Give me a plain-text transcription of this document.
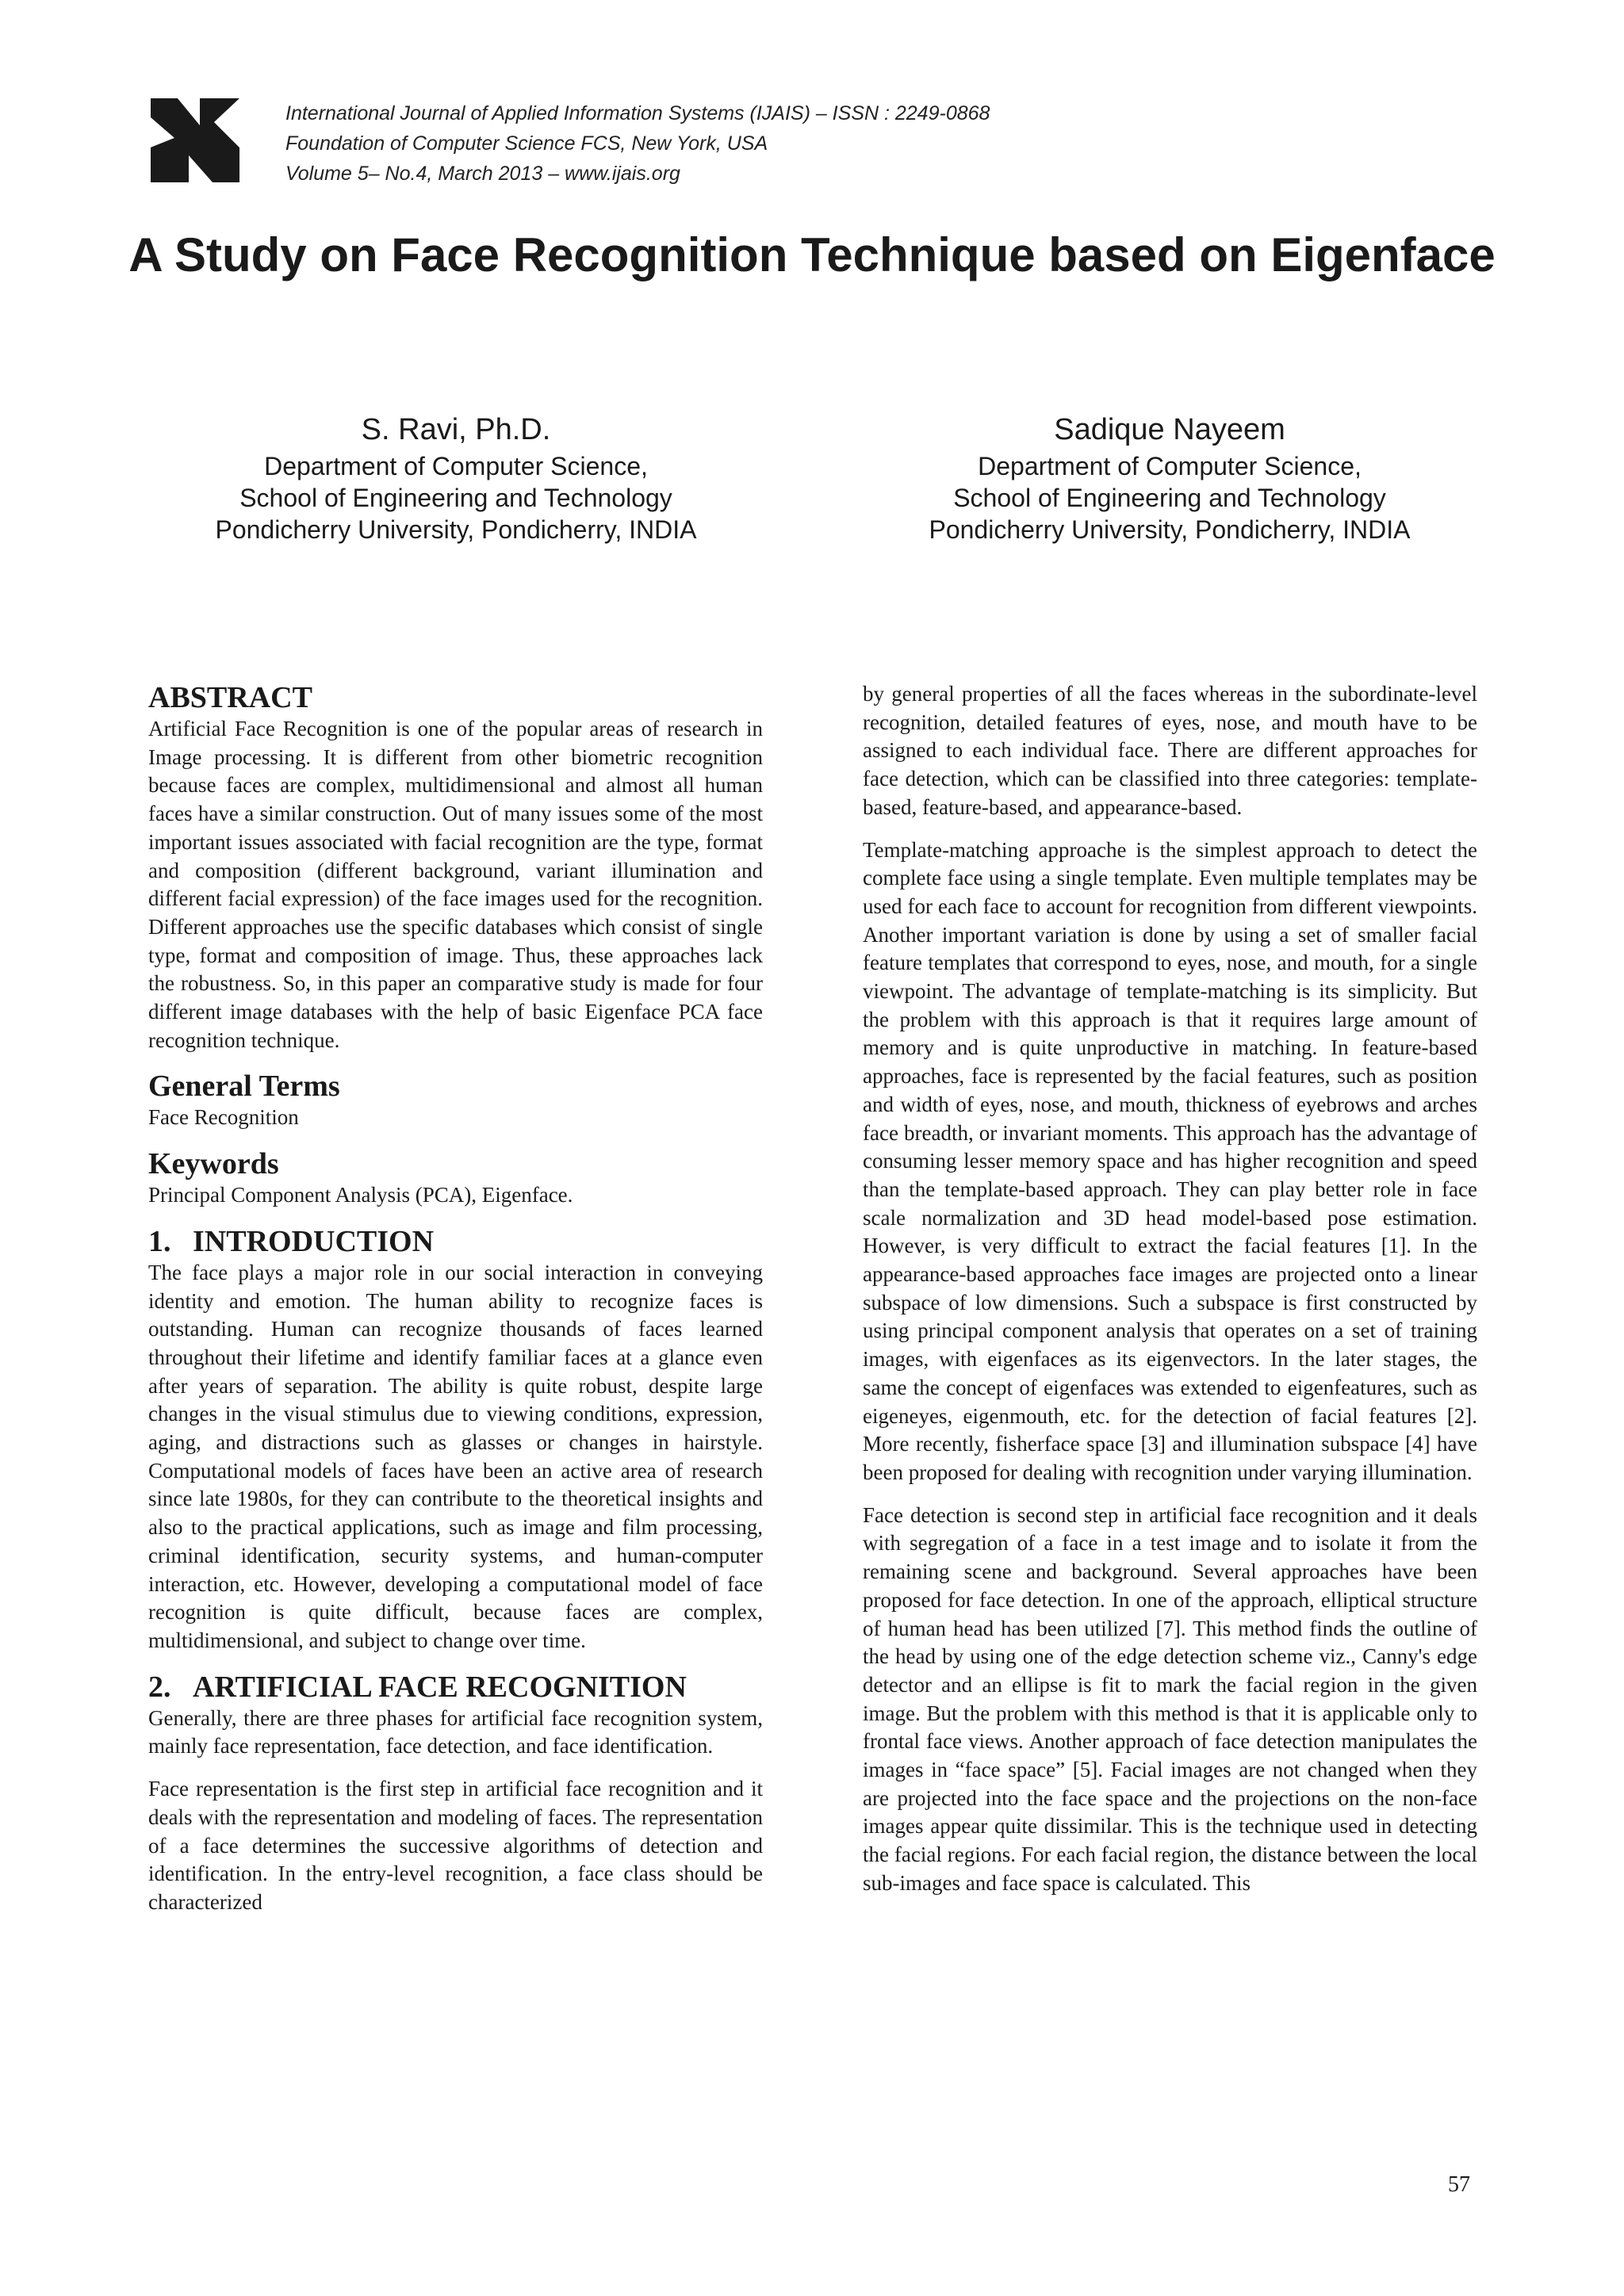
International Journal of Applied Information Systems (IJAIS) – ISSN : 2249-0868
Foundation of Computer Science FCS, New York, USA
Volume 5– No.4, March 2013 – www.ijais.org
A Study on Face Recognition Technique based on Eigenface
S. Ravi, Ph.D.
Department of Computer Science,
School of Engineering and Technology
Pondicherry University, Pondicherry, INDIA
Sadique Nayeem
Department of Computer Science,
School of Engineering and Technology
Pondicherry University, Pondicherry, INDIA
ABSTRACT

Artificial Face Recognition is one of the popular areas of research in Image processing. It is different from other biometric recognition because faces are complex, multidimensional and almost all human faces have a similar construction. Out of many issues some of the most important issues associated with facial recognition are the type, format and composition (different background, variant illumination and different facial expression) of the face images used for the recognition. Different approaches use the specific databases which consist of single type, format and composition of image. Thus, these approaches lack the robustness. So, in this paper an comparative study is made for four different image databases with the help of basic Eigenface PCA face recognition technique.

General Terms

Face Recognition

Keywords

Principal Component Analysis (PCA), Eigenface.

1. INTRODUCTION

The face plays a major role in our social interaction in conveying identity and emotion. The human ability to recognize faces is outstanding. Human can recognize thousands of faces learned throughout their lifetime and identify familiar faces at a glance even after years of separation. The ability is quite robust, despite large changes in the visual stimulus due to viewing conditions, expression, aging, and distractions such as glasses or changes in hairstyle. Computational models of faces have been an active area of research since late 1980s, for they can contribute to the theoretical insights and also to the practical applications, such as image and film processing, criminal identification, security systems, and human-computer interaction, etc. However, developing a computational model of face recognition is quite difficult, because faces are complex, multidimensional, and subject to change over time.

2. ARTIFICIAL FACE RECOGNITION

Generally, there are three phases for artificial face recognition system, mainly face representation, face detection, and face identification.

Face representation is the first step in artificial face recognition and it deals with the representation and modeling of faces. The representation of a face determines the successive algorithms of detection and identification. In the entry-level recognition, a face class should be characterized

by general properties of all the faces whereas in the subordinate-level recognition, detailed features of eyes, nose, and mouth have to be assigned to each individual face. There are different approaches for face detection, which can be classified into three categories: template-based, feature-based, and appearance-based.

Template-matching approache is the simplest approach to detect the complete face using a single template. Even multiple templates may be used for each face to account for recognition from different viewpoints. Another important variation is done by using a set of smaller facial feature templates that correspond to eyes, nose, and mouth, for a single viewpoint. The advantage of template-matching is its simplicity. But the problem with this approach is that it requires large amount of memory and is quite unproductive in matching. In feature-based approaches, face is represented by the facial features, such as position and width of eyes, nose, and mouth, thickness of eyebrows and arches face breadth, or invariant moments. This approach has the advantage of consuming lesser memory space and has higher recognition and speed than the template-based approach. They can play better role in face scale normalization and 3D head model-based pose estimation. However, is very difficult to extract the facial features [1]. In the appearance-based approaches face images are projected onto a linear subspace of low dimensions. Such a subspace is first constructed by using principal component analysis that operates on a set of training images, with eigenfaces as its eigenvectors. In the later stages, the same the concept of eigenfaces was extended to eigenfeatures, such as eigeneyes, eigenmouth, etc. for the detection of facial features [2]. More recently, fisherface space [3] and illumination subspace [4] have been proposed for dealing with recognition under varying illumination.

Face detection is second step in artificial face recognition and it deals with segregation of a face in a test image and to isolate it from the remaining scene and background. Several approaches have been proposed for face detection. In one of the approach, elliptical structure of human head has been utilized [7]. This method finds the outline of the head by using one of the edge detection scheme viz., Canny's edge detector and an ellipse is fit to mark the facial region in the given image. But the problem with this method is that it is applicable only to frontal face views. Another approach of face detection manipulates the images in “face space” [5]. Facial images are not changed when they are projected into the face space and the projections on the non-face images appear quite dissimilar. This is the technique used in detecting the facial regions. For each facial region, the distance between the local sub-images and face space is calculated. This

57
